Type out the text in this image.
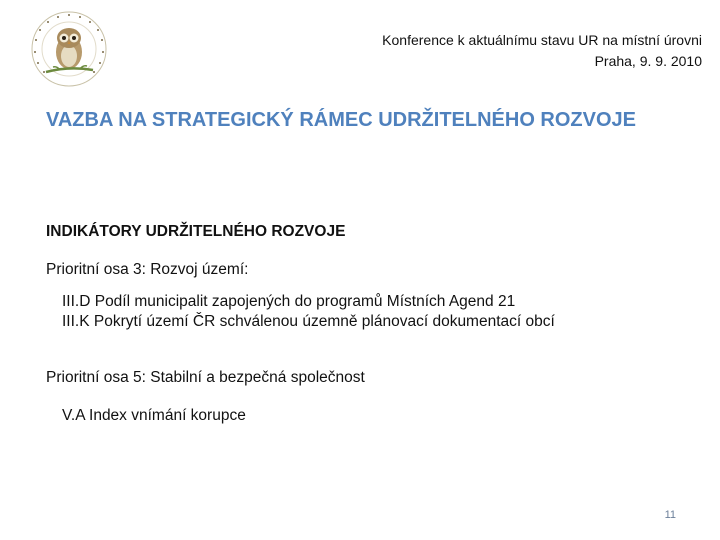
Konference k aktuálnímu stavu UR na místní úrovni
Praha, 9. 9. 2010
VAZBA NA STRATEGICKÝ RÁMEC UDRŽITELNÉHO ROZVOJE
INDIKÁTORY UDRŽITELNÉHO ROZVOJE
Prioritní osa 3: Rozvoj území:
III.D Podíl municipalit zapojených do programů Místních Agend 21
III.K Pokrytí území ČR schválenou územně plánovací dokumentací obcí
Prioritní osa 5: Stabilní a bezpečná společnost
V.A Index vnímání korupce
11
